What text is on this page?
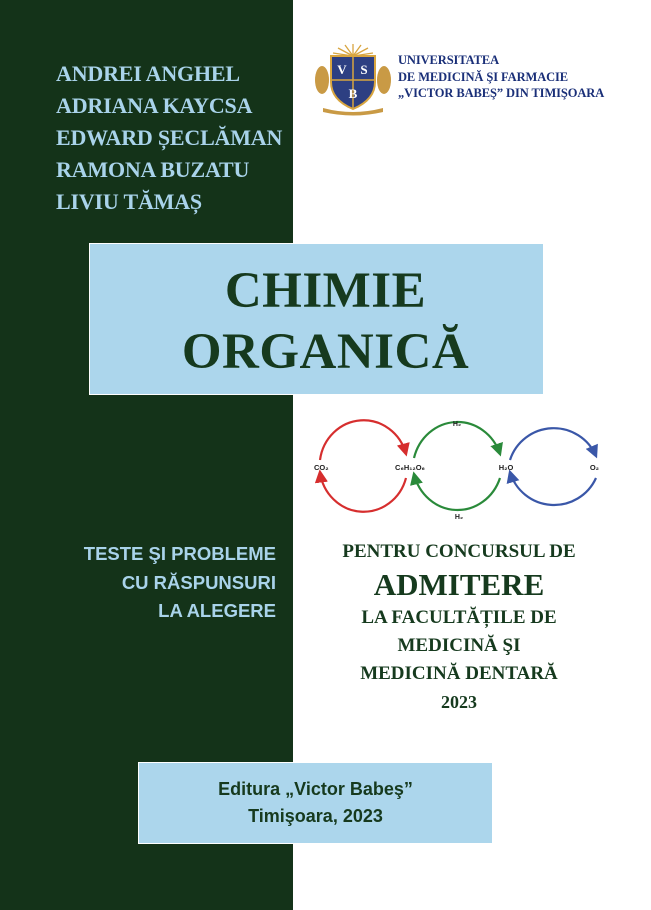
ANDREI ANGHEL
ADRIANA KAYCSA
EDWARD ȘECLĂMAN
RAMONA BUZATU
LIVIU TĂMAȘ
V S
B
UNIVERSITATEA
DE MEDICINĂ ŞI FARMACIE
„VICTOR BABEŞ” DIN TIMIŞOARA
CHIMIE
ORGANICĂ
CO₂	C₆H₁₂O₆	H₂O	O₂
H₂
H₂
TESTE ŞI PROBLEME
CU RĂSPUNSURI
LA ALEGERE
PENTRU CONCURSUL DE
ADMITERE
LA FACULTĂȚILE DE
MEDICINĂ ŞI
MEDICINĂ DENTARĂ
2023
Editura „Victor Babeş”
Timişoara, 2023
